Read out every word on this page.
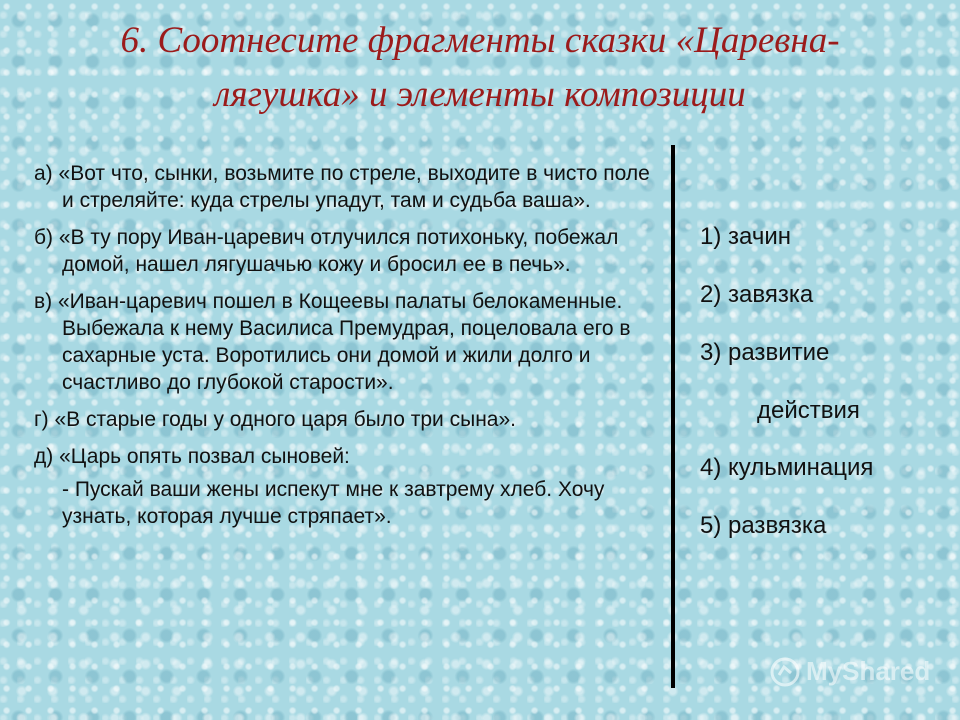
6. Соотнесите фрагменты сказки «Царевна-
лягушка» и элементы композиции

а) «Вот что, сынки, возьмите по стреле, выходите в чисто поле и стреляйте: куда стрелы упадут, там и судьба ваша».

б) «В ту пору Иван-царевич отлучился потихоньку, побежал домой, нашел лягушачью кожу и бросил ее в печь».

в) «Иван-царевич пошел в Кощеевы палаты белокаменные. Выбежала к нему Василиса Премудрая, поцеловала его в сахарные уста. Воротились они домой и жили долго и счастливо до глубокой старости».

г) «В старые годы у одного царя было три сына».

д) «Царь опять позвал сыновей:

- Пускай ваши жены испекут мне к завтрему хлеб. Хочу узнать, которая лучше стряпает».

1) зачин

2) завязка

3) развитие

действия

4) кульминация

5) развязка

MyShared
